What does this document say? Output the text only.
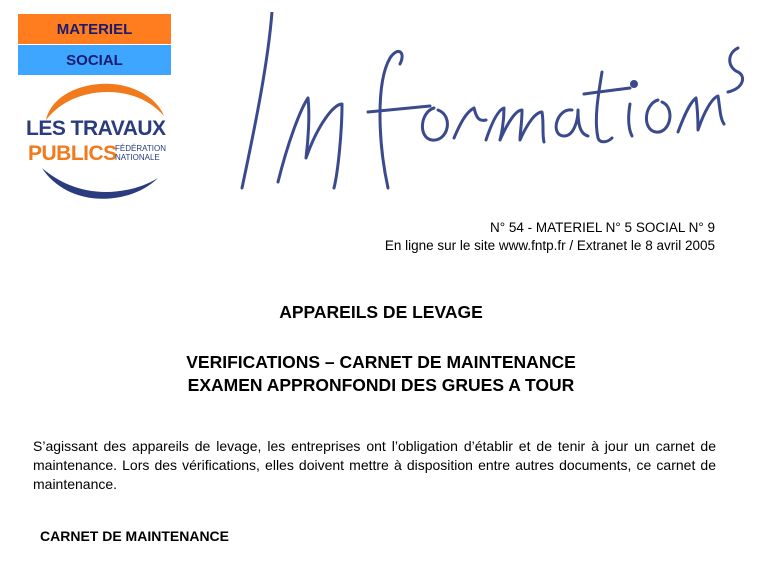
MATERIEL
SOCIAL
LES TRAVAUX
PUBLICS
FÉDÉRATION
NATIONALE
N° 54 - MATERIEL N° 5 SOCIAL N° 9
En ligne sur le site www.fntp.fr / Extranet le 8 avril 2005
APPAREILS DE LEVAGE
VERIFICATIONS – CARNET DE MAINTENANCE
EXAMEN APPRONFONDI DES GRUES A TOUR
S’agissant des appareils de levage, les entreprises ont l’obligation d’établir et de tenir à jour un carnet de maintenance. Lors des vérifications, elles doivent mettre à disposition entre autres documents, ce carnet de maintenance.
CARNET DE MAINTENANCE
